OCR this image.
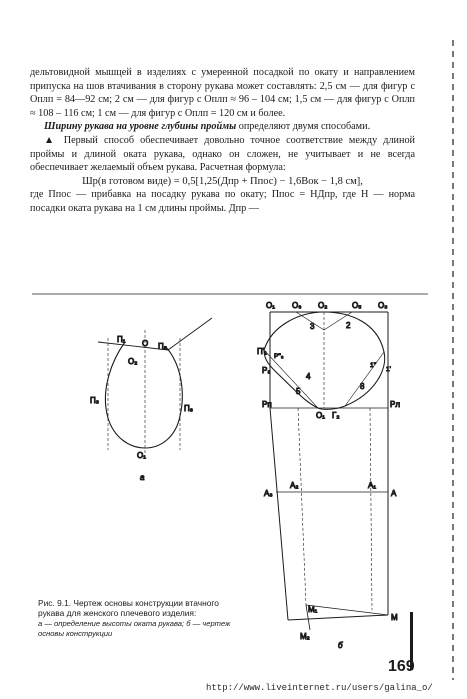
дельтовидной мышцей в изделиях с умеренной посадкой по окату и направлением припуска на шов втачивания в сторону рукава может составлять: 2,5 см — для фигур с Оплп = 84—92 см; 2 см — для фигур с Оплп ≈ 96 – 104 см; 1,5 см — для фигур с Оплп ≈ 108 – 116 см; 1 см — для фигур с Оплп = 120 см и более.

Ширину рукава на уровне глубины проймы определяют двумя способами.

▲ Первый способ обеспечивает довольно точное соответствие между длиной проймы и длиной оката рукава, однако он сложен, не учитывает и не всегда обеспечивает желаемый объем рукава. Расчетная формула:

Шр(в готовом виде) = 0,5[1,25(Дпр + Ппос) − 1,6Вок − 1,8 см],

где Ппос — прибавка на посадку рукава по окату; Ппос = НДпр, где Н — норма посадки оката рукава на 1 см длины проймы. Дпр —

П₁ О П₅
О₂
П₃
П₆
О₁
а
О₁ О₆ О₂	О₅ О₃
3	2
П'₁
Р''₃
Р₃
4
5
8
1''
1'
Рп
О₁ Г₂
Рл
А₃
А₂	А₁
А
М₁
М
М₂
б
Рис. 9.1. Чертеж основы конструкции втачного рукава для женского плечевого изделия:
а — определение высоты оката рукава; б — чертеж основы конструкции
169
http://www.liveinternet.ru/users/galina_o/
